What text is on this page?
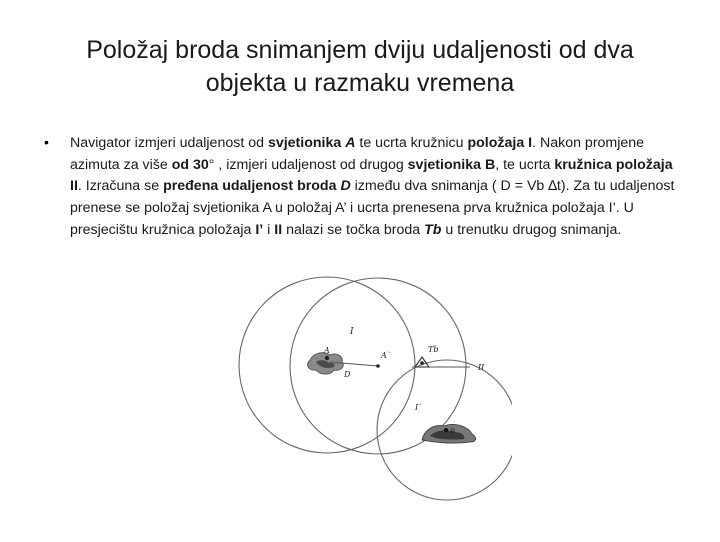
Položaj broda snimanjem dviju udaljenosti od dva
objekta u razmaku vremena
• Navigator izmjeri udaljenost od svjetionika A te ucrta kružnicu položaja I. Nakon promjene azimuta za više od 30° , izmjeri udaljenost od drugog svjetionika B, te ucrta kružnica položaja II. Izračuna se pređena udaljenost broda D između dva snimanja ( D = Vb ∆t). Za tu udaljenost prenese se položaj svjetionika A u položaj A’ i ucrta prenesena prva kružnica položaja I’. U presjecištu kružnica položaja I’ i II nalazi se točka broda Tb u trenutku drugog snimanja.

I
A
A`
D
Tb
II
I`
B
